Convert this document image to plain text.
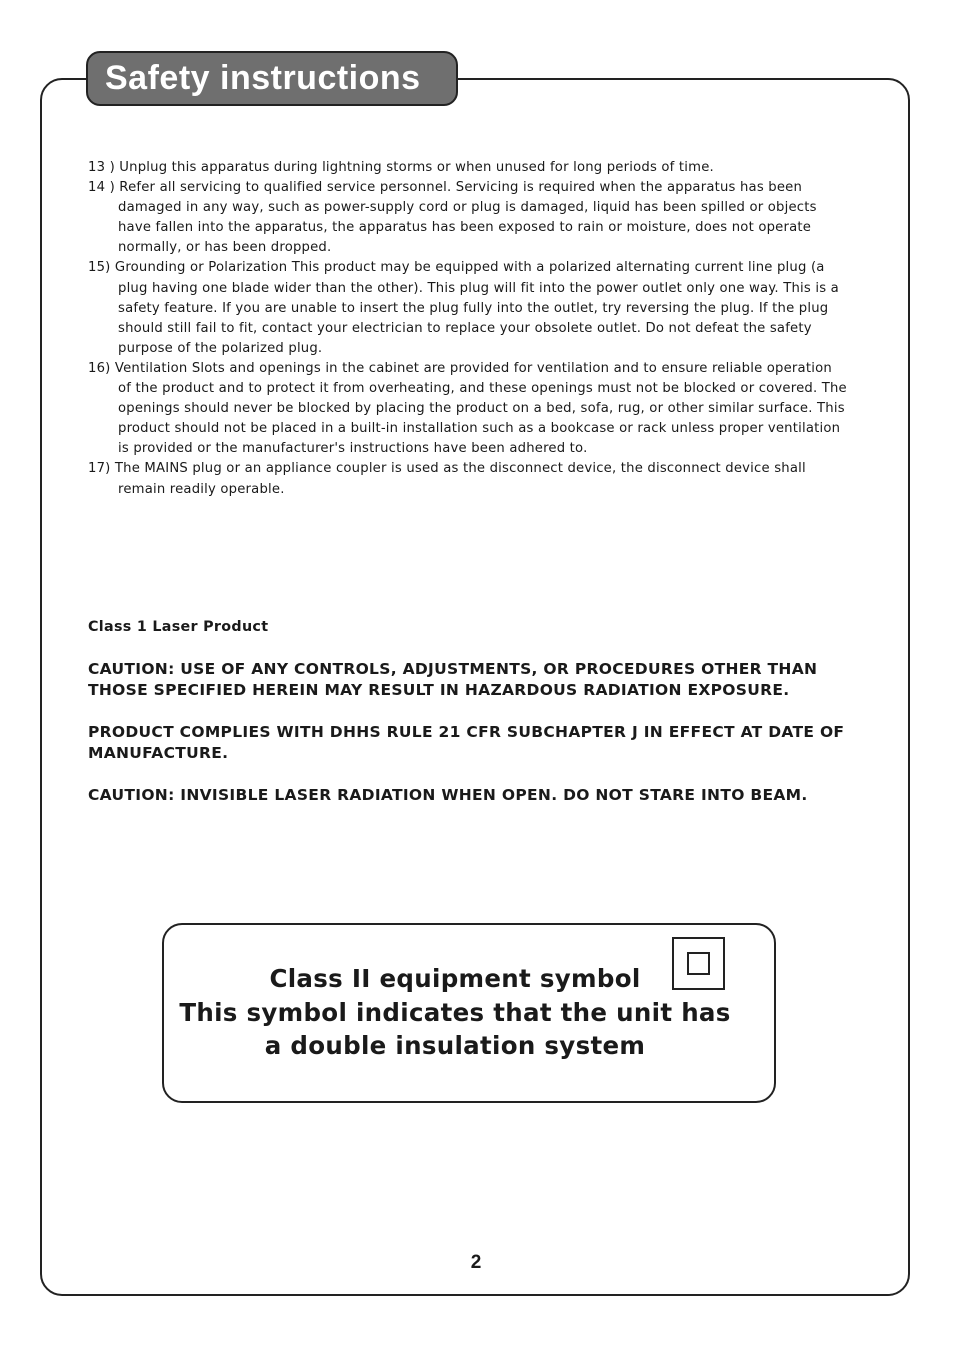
Safety instructions

13 ) Unplug this apparatus during lightning storms or when unused for long periods of time.

14 ) Refer all servicing to qualified service personnel. Servicing is required when the apparatus has been damaged in any way, such as power-supply cord or plug is damaged, liquid has been spilled or objects have fallen into the apparatus, the apparatus has been exposed to rain or moisture, does not operate normally, or has been dropped.

15) Grounding or Polarization This product may be equipped with a polarized alternating current line plug (a plug having one blade wider than the other). This plug will fit into the power outlet only one way. This is a safety feature. If you are unable to insert the plug fully into the outlet, try reversing the plug. If the plug should still fail to fit, contact your electrician to replace your obsolete outlet. Do not defeat the safety purpose of the polarized plug.

16) Ventilation Slots and openings in the cabinet are provided for ventilation and to ensure reliable operation of the product and to protect it from overheating, and these openings must not be blocked or covered. The openings should never be blocked by placing the product on a bed, sofa, rug, or other similar surface. This product should not be placed in a built-in installation such as a bookcase or rack unless proper ventilation is provided or the manufacturer's instructions have been adhered to.

17) The MAINS plug or an appliance coupler is used as the disconnect device, the disconnect device shall remain readily operable.

Class 1 Laser Product

CAUTION: USE OF ANY CONTROLS, ADJUSTMENTS, OR PROCEDURES OTHER THAN THOSE SPECIFIED HEREIN MAY RESULT IN HAZARDOUS RADIATION EXPOSURE.

PRODUCT COMPLIES WITH DHHS RULE 21 CFR SUBCHAPTER J IN EFFECT AT DATE OF MANUFACTURE.

CAUTION: INVISIBLE LASER RADIATION WHEN OPEN. DO NOT STARE INTO BEAM.

Class II equipment symbol
This symbol indicates that the unit has
a double insulation system
2
